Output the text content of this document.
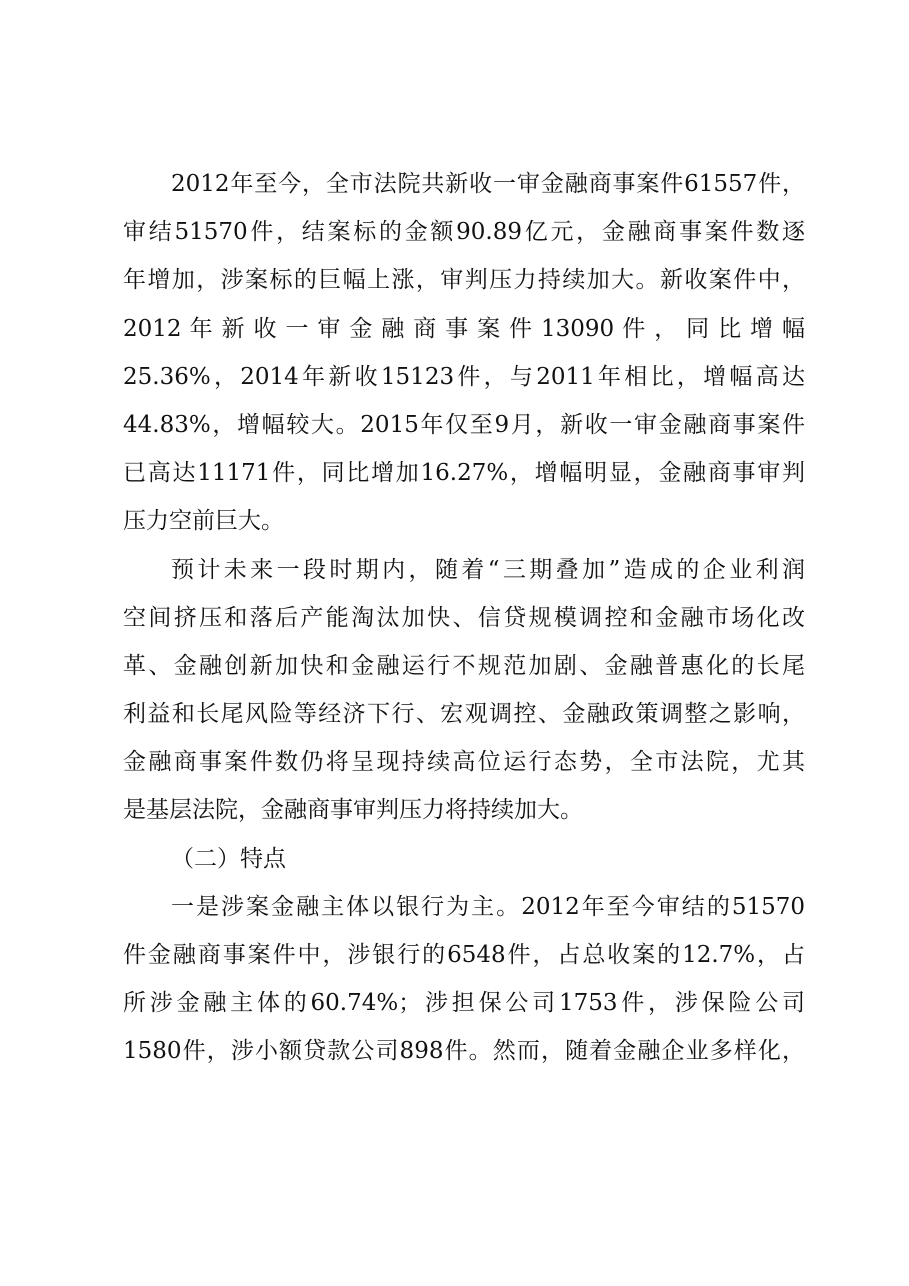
2012年至今，全市法院共新收一审金融商事案件61557件，
审结51570件，结案标的金额90.89亿元，金融商事案件数逐
年增加，涉案标的巨幅上涨，审判压力持续加大。新收案件中，
2012 年 新 收 一 审 金 融 商 事 案 件 13090 件 ， 同 比 增 幅
25.36%，2014年新收15123件，与2011年相比，增幅高达
44.83%，增幅较大。2015年仅至9月，新收一审金融商事案件
已高达11171件，同比增加16.27%，增幅明显，金融商事审判
压力空前巨大。
预计未来一段时期内，随着“三期叠加”造成的企业利润
空间挤压和落后产能淘汰加快、信贷规模调控和金融市场化改
革、金融创新加快和金融运行不规范加剧、金融普惠化的长尾
利益和长尾风险等经济下行、宏观调控、金融政策调整之影响，
金融商事案件数仍将呈现持续高位运行态势，全市法院，尤其
是基层法院，金融商事审判压力将持续加大。
（二）特点
一是涉案金融主体以银行为主。2012年至今审结的51570
件金融商事案件中，涉银行的6548件，占总收案的12.7%，占
所涉金融主体的60.74%；涉担保公司1753件，涉保险公司
1580件，涉小额贷款公司898件。然而，随着金融企业多样化，
